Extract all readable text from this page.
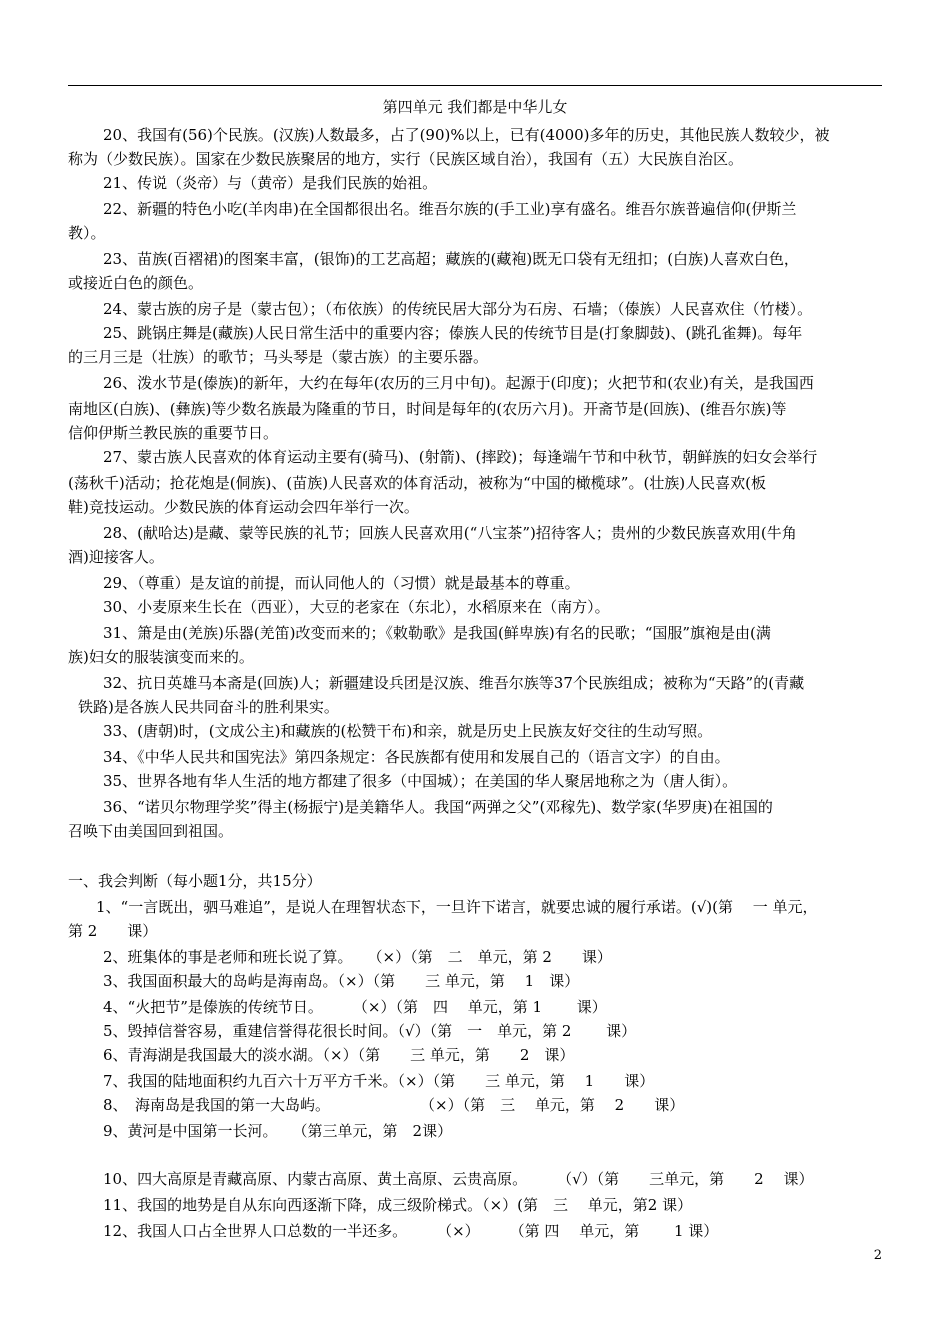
第四单元 我们都是中华儿女
20、我国有(56)个民族。(汉族)人数最多，占了(90)%以上，已有(4000)多年的历史，其他民族人数较少，被
称为（少数民族）。国家在少数民族聚居的地方，实行（民族区域自治），我国有（五）大民族自治区。
21、传说（炎帝）与（黄帝）是我们民族的始祖。
22、新疆的特色小吃(羊肉串)在全国都很出名。维吾尔族的(手工业)享有盛名。维吾尔族普遍信仰(伊斯兰
教）。
23、苗族(百褶裙)的图案丰富，(银饰)的工艺高超；藏族的(藏袍)既无口袋有无纽扣；(白族)人喜欢白色，
或接近白色的颜色。
24、蒙古族的房子是（蒙古包）；（布依族）的传统民居大部分为石房、石墙；（傣族）人民喜欢住（竹楼）。
25、跳锅庄舞是(藏族)人民日常生活中的重要内容；傣族人民的传统节目是(打象脚鼓)、(跳孔雀舞)。每年
的三月三是（壮族）的歌节；马头琴是（蒙古族）的主要乐器。
26、泼水节是(傣族)的新年，大约在每年(农历的三月中旬)。起源于(印度)；火把节和(农业)有关，是我国西
南地区(白族)、(彝族)等少数名族最为隆重的节日，时间是每年的(农历六月)。开斋节是(回族)、(维吾尔族)等
信仰伊斯兰教民族的重要节日。
27、蒙古族人民喜欢的体育运动主要有(骑马)、(射箭)、(摔跤)；每逢端午节和中秋节，朝鲜族的妇女会举行
(荡秋千)活动；抢花炮是(侗族)、(苗族)人民喜欢的体育活动，被称为“中国的橄榄球”。(壮族)人民喜欢(板
鞋)竞技运动。少数民族的体育运动会四年举行一次。
28、(献哈达)是藏、蒙等民族的礼节；回族人民喜欢用(“八宝茶”)招待客人；贵州的少数民族喜欢用(牛角
酒)迎接客人。
29、（尊重）是友谊的前提，而认同他人的（习惯）就是最基本的尊重。
30、小麦原来生长在（西亚），大豆的老家在（东北），水稻原来在（南方）。
31、箫是由(羌族)乐器(羌笛)改变而来的；《敕勒歌》是我国(鲜卑族)有名的民歌；“国服”旗袍是由(满
族)妇女的服装演变而来的。
32、抗日英雄马本斋是(回族)人；新疆建设兵团是汉族、维吾尔族等37个民族组成；被称为“天路”的(青藏
铁路)是各族人民共同奋斗的胜利果实。
33、(唐朝)时，(文成公主)和藏族的(松赞干布)和亲，就是历史上民族友好交往的生动写照。
34、《中华人民共和国宪法》第四条规定：各民族都有使用和发展自己的（语言文字）的自由。
35、世界各地有华人生活的地方都建了很多（中国城）；在美国的华人聚居地称之为（唐人街）。
36、“诺贝尔物理学奖”得主(杨振宁)是美籍华人。我国“两弹之父”(邓稼先)、数学家(华罗庚)在祖国的
召唤下由美国回到祖国。
一、我会判断（每小题1分，共15分）
1、“一言既出，驷马难追”，是说人在理智状态下，一旦许下诺言，就要忠诚的履行承诺。(√)(第　 一 单元，
第 2　　课）
2、班集体的事是老师和班长说了算。　　（×）（第　二　单元，第 2　　课）
3、我国面积最大的岛屿是海南岛。（×）（第　　三 单元，第　 1　课）
4、“火把节”是傣族的传统节日。　　　（×）（第　四　 单元，第 1　　 课）
5、毁掉信誉容易，重建信誉得花很长时间。（√）（第　一　单元，第 2　　 课）
6、青海湖是我国最大的淡水湖。（×）（第　　三 单元，第　　2　课）
7、我国的陆地面积约九百六十万平方千米。（×）（第　　三 单元，第　 1　　课）
8、　海南岛是我国的第一大岛屿。　　　　　　　（×）（第　三　 单元，第　 2　　课）
9、黄河是中国第一长河。　　（第三单元，第　2课）
10、四大高原是青藏高原、内蒙古高原、黄土高原、云贵高原。　　　（√）（第　　三单元，第　　2　 课）
11、我国的地势是自从东向西逐渐下降，成三级阶梯式。（×）(第　三　 单元，第2 课）
12、我国人口占全世界人口总数的一半还多。　　　（×）　　　（第 四　 单元，第　　 1 课）
2
